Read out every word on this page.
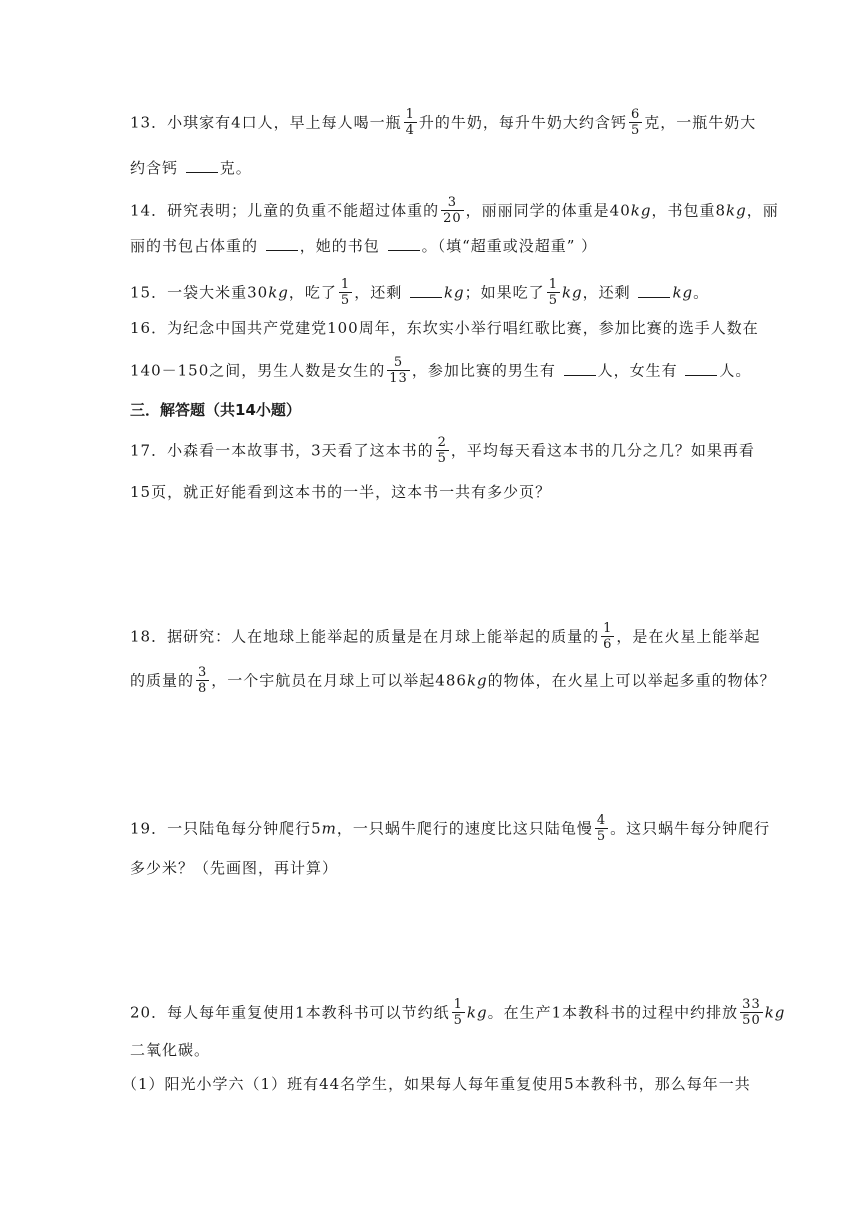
13．小琪家有4口人，早上每人喝一瓶 $\frac{1}{4}$ 升的牛奶，每升牛奶大约含钙 $\frac{6}{5}$ 克，一瓶牛奶大
约含钙 克。
14．研究表明；儿童的负重不能超过体重的 $\frac{3}{20}$ ，丽丽同学的体重是40kg，书包重8kg，丽
丽的书包占体重的 ，她的书包 。（填“超重或没超重” ）
15．一袋大米重30kg，吃了 $\frac{1}{5}$ ，还剩 kg；如果吃了 $\frac{1}{5}$ kg，还剩 kg。
16．为纪念中国共产党建党100周年，东坎实小举行唱红歌比赛，参加比赛的选手人数在
140－150之间，男生人数是女生的 $\frac{5}{13}$ ，参加比赛的男生有 人，女生有 人。
三．解答题（共14小题）
17．小森看一本故事书，3天看了这本书的 $\frac{2}{5}$ ，平均每天看这本书的几分之几？如果再看
15页，就正好能看到这本书的一半，这本书一共有多少页？
18．据研究：人在地球上能举起的质量是在月球上能举起的质量的 $\frac{1}{6}$ ，是在火星上能举起
的质量的 $\frac{3}{8}$ ，一个宇航员在月球上可以举起486kg的物体，在火星上可以举起多重的物体？
19．一只陆龟每分钟爬行5m，一只蜗牛爬行的速度比这只陆龟慢 $\frac{4}{5}$ 。这只蜗牛每分钟爬行
多少米？（先画图，再计算）
20．每人每年重复使用1本教科书可以节约纸 $\frac{1}{5}$ kg。在生产1本教科书的过程中约排放 $\frac{33}{50}$ kg
二氧化碳。
（1）阳光小学六（1）班有44名学生，如果每人每年重复使用5本教科书，那么每年一共
